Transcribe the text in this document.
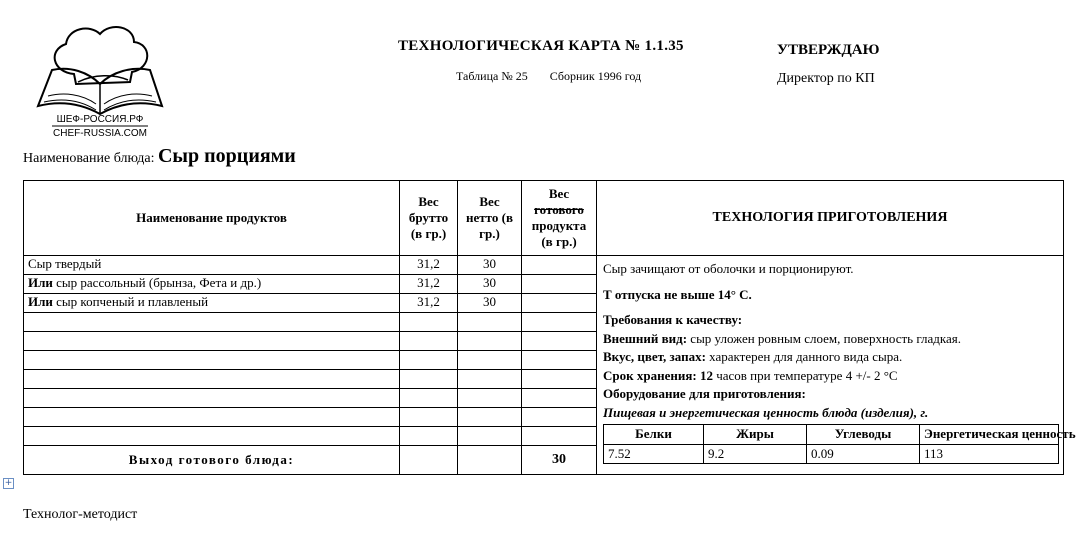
ШЕФ-РОССИЯ.РФ
CHEF-RUSSIA.COM
ТЕХНОЛОГИЧЕСКАЯ КАРТА № 1.1.35
Таблица № 25 Сборник 1996 год
УТВЕРЖДАЮ
Директор по КП
Наименование блюда: Сыр порциями
Наименование продуктов	Вес брутто (в гр.)	Вес нетто (в гр.)	Вес
готового
продукта
(в гр.)	ТЕХНОЛОГИЯ ПРИГОТОВЛЕНИЯ
Сыр твердый	31,2	30		Сыр зачищают от оболочки и порционируют.

Т отпуска не выше 14° С.

Требования к качеству:

Внешний вид: сыр уложен ровным слоем, поверхность гладкая.

Вкус, цвет, запах: характерен для данного вида сыра.

Срок хранения: 12 часов при температуре 4 +/- 2 °С

Оборудование для приготовления:

Пищевая и энергетическая ценность блюда (изделия), г.

Белки	Жиры	Углеводы	Энергетическая ценность
7.52	9.2	0.09	113

Или сыр рассольный (брынза, Фета и др.)	31,2	30	
Или сыр копченый и плавленый	31,2	30	

Выход готового блюда:			30
+
Технолог-методист
